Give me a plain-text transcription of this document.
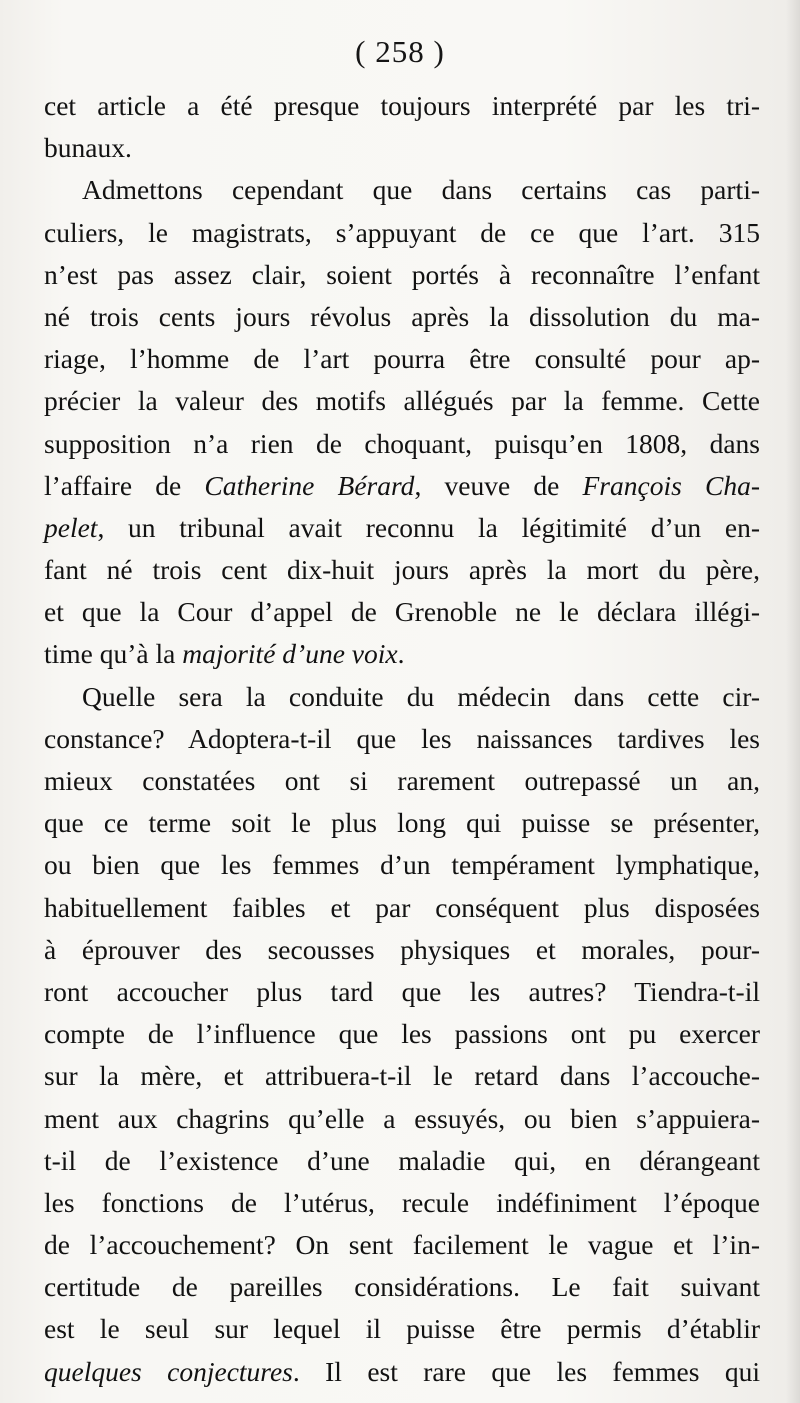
( 258 )
cet article a été presque toujours interprété par les tri-
bunaux.
Admettons cependant que dans certains cas parti-
culiers, le magistrats, s’appuyant de ce que l’art. 315
n’est pas assez clair, soient portés à reconnaître l’enfant
né trois cents jours révolus après la dissolution du ma-
riage, l’homme de l’art pourra être consulté pour ap-
précier la valeur des motifs allégués par la femme. Cette
supposition n’a rien de choquant, puisqu’en 1808, dans
l’affaire de Catherine Bérard, veuve de François Cha-
pelet, un tribunal avait reconnu la légitimité d’un en-
fant né trois cent dix-huit jours après la mort du père,
et que la Cour d’appel de Grenoble ne le déclara illégi-
time qu’à la majorité d’une voix.
Quelle sera la conduite du médecin dans cette cir-
constance? Adoptera-t-il que les naissances tardives les
mieux constatées ont si rarement outrepassé un an,
que ce terme soit le plus long qui puisse se présenter,
ou bien que les femmes d’un tempérament lymphatique,
habituellement faibles et par conséquent plus disposées
à éprouver des secousses physiques et morales, pour-
ront accoucher plus tard que les autres? Tiendra-t-il
compte de l’influence que les passions ont pu exercer
sur la mère, et attribuera-t-il le retard dans l’accouche-
ment aux chagrins qu’elle a essuyés, ou bien s’appuiera-
t-il de l’existence d’une maladie qui, en dérangeant
les fonctions de l’utérus, recule indéfiniment l’époque
de l’accouchement? On sent facilement le vague et l’in-
certitude de pareilles considérations. Le fait suivant
est le seul sur lequel il puisse être permis d’établir
quelques conjectures. Il est rare que les femmes qui
